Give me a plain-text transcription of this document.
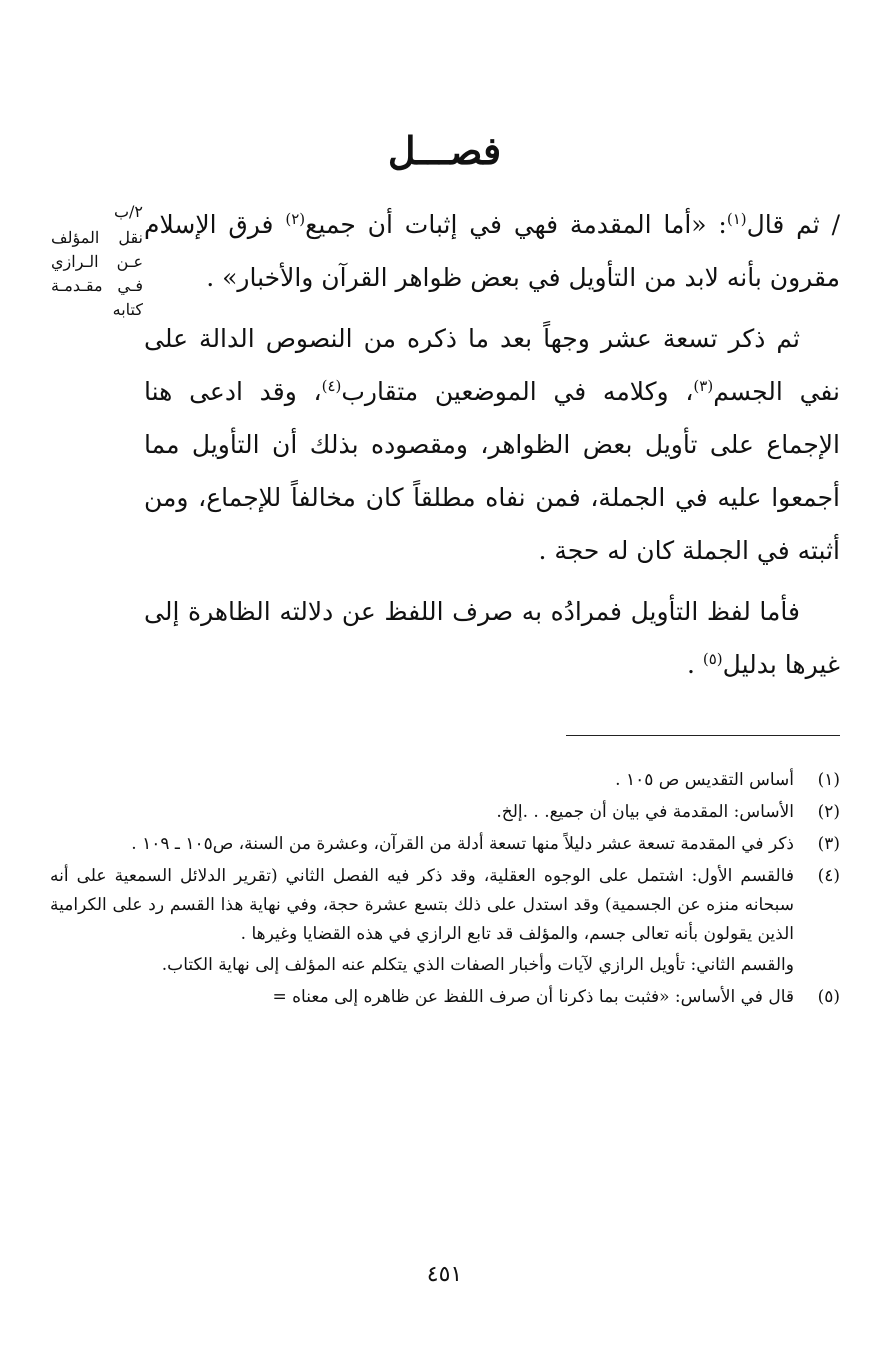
فصـــل
٢/ب
نقل المؤلف عـن الـرازي فـي مقـدمـة كتابه

/ ثم قال$^{(١)}$: «أما المقدمة فهي في إثبات أن جميع$^{(٢)}$ فرق الإسلام مقرون بأنه لابد من التأويل في بعض ظواهر القرآن والأخبار» .

ثم ذكر تسعة عشر وجهاً بعد ما ذكره من النصوص الدالة على نفي الجسم$^{(٣)}$، وكلامه في الموضعين متقارب$^{(٤)}$، وقد ادعى هنا الإجماع على تأويل بعض الظواهر، ومقصوده بذلك أن التأويل مما أجمعوا عليه في الجملة، فمن نفاه مطلقاً كان مخالفاً للإجماع، ومن أثبته في الجملة كان له حجة .

فأما لفظ التأويل فمرادُه به صرف اللفظ عن دلالته الظاهرة إلى غيرها بدليل$^{(٥)}$ .

(١)
أساس التقديس ص ١٠٥ .
(٢)
الأساس: المقدمة في بيان أن جميع. . .إلخ.
(٣)
ذكر في المقدمة تسعة عشر دليلاً منها تسعة أدلة من القرآن، وعشرة من السنة، ص١٠٥ ـ ١٠٩ .
(٤)
فالقسم الأول: اشتمل على الوجوه العقلية، وقد ذكر فيه الفصل الثاني (تقرير الدلائل السمعية على أنه سبحانه منزه عن الجسمية) وقد استدل على ذلك بتسع عشرة حجة، وفي نهاية هذا القسم رد على الكرامية الذين يقولون بأنه تعالى جسم، والمؤلف قد تابع الرازي في هذه القضايا وغيرها .
والقسم الثاني: تأويل الرازي لآيات وأخبار الصفات الذي يتكلم عنه المؤلف إلى نهاية الكتاب.
(٥)
قال في الأساس: «فثبت بما ذكرنا أن صرف اللفظ عن ظاهره إلى معناه =
٤٥١
